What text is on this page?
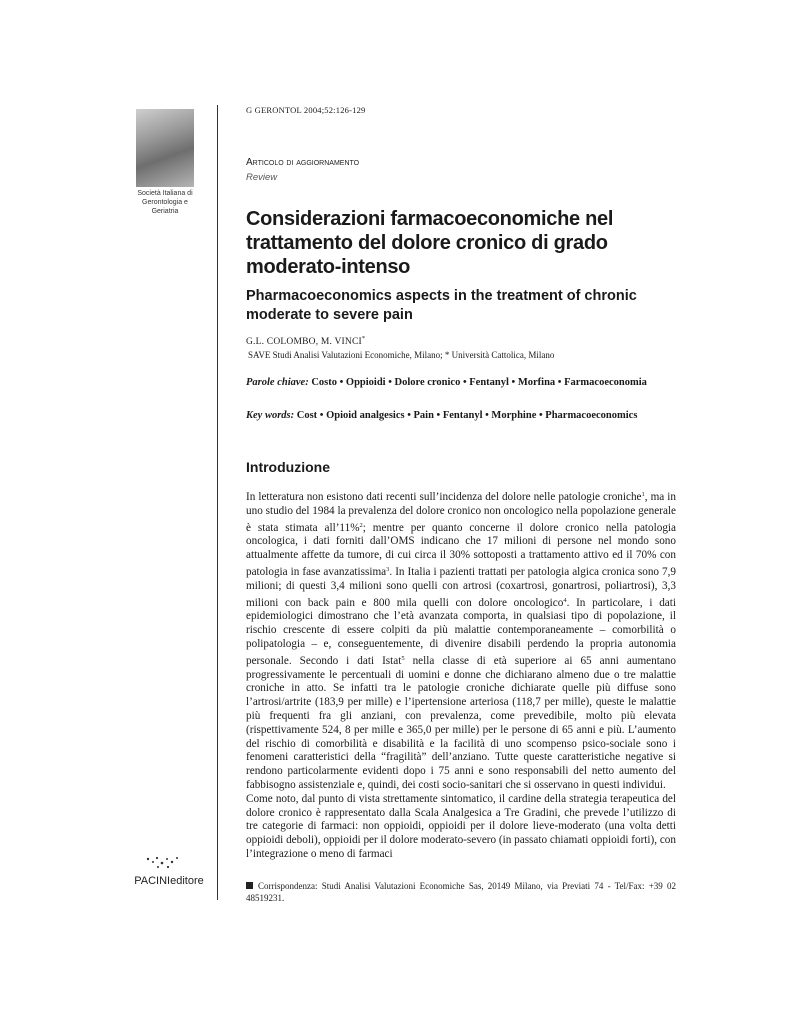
Società Italiana di Gerontologia e Geriatria
PACINIeditore
G GERONTOL 2004;52:126-129
Articolo di aggiornamento
Review
Considerazioni farmacoeconomiche nel trattamento del dolore cronico di grado moderato-intenso
Pharmacoeconomics aspects in the treatment of chronic moderate to severe pain
G.L. COLOMBO, M. VINCI*
SAVE Studi Analisi Valutazioni Economiche, Milano; * Università Cattolica, Milano
Parole chiave: Costo • Oppioidi • Dolore cronico • Fentanyl • Morfina • Farmacoeconomia
Key words: Cost • Opioid analgesics • Pain • Fentanyl • Morphine • Pharmacoeconomics
Introduzione

In letteratura non esistono dati recenti sull’incidenza del dolore nelle patologie croniche$^1$, ma in uno studio del 1984 la prevalenza del dolore cronico non oncologico nella popolazione generale è stata stimata all’11%$^2$; mentre per quanto concerne il dolore cronico nella patologia oncologica, i dati forniti dall’OMS indicano che 17 milioni di persone nel mondo sono attualmente affette da tumore, di cui circa il 30% sottoposti a trattamento attivo ed il 70% con patologia in fase avanzatissima$^3$. In Italia i pazienti trattati per patologia algica cronica sono 7,9 milioni; di questi 3,4 milioni sono quelli con artrosi (coxartrosi, gonartrosi, poliartrosi), 3,3 milioni con back pain e 800 mila quelli con dolore oncologico$^4$. In particolare, i dati epidemiologici dimostrano che l’età avanzata comporta, in qualsiasi tipo di popolazione, il rischio crescente di essere colpiti da più malattie contemporaneamente – comorbilità o polipatologia – e, conseguentemente, di divenire disabili perdendo la propria autonomia personale. Secondo i dati Istat$^5$ nella classe di età superiore ai 65 anni aumentano progressivamente le percentuali di uomini e donne che dichiarano almeno due o tre malattie croniche in atto. Se infatti tra le patologie croniche dichiarate quelle più diffuse sono l’artrosi/artrite (183,9 per mille) e l’ipertensione arteriosa (118,7 per mille), queste le malattie più frequenti fra gli anziani, con prevalenza, come prevedibile, molto più elevata (rispettivamente 524, 8 per mille e 365,0 per mille) per le persone di 65 anni e più. L’aumento del rischio di comorbilità e disabilità e la facilità di uno scompenso psico-sociale sono i fenomeni caratteristici della “fragilità” dell’anziano. Tutte queste caratteristiche negative si rendono particolarmente evidenti dopo i 75 anni e sono responsabili del netto aumento del fabbisogno assistenziale e, quindi, dei costi socio-sanitari che si osservano in questi individui.

Come noto, dal punto di vista strettamente sintomatico, il cardine della strategia terapeutica del dolore cronico è rappresentato dalla Scala Analgesica a Tre Gradini, che prevede l’utilizzo di tre categorie di farmaci: non oppioidi, oppioidi per il dolore lieve-moderato (una volta detti oppioidi deboli), oppioidi per il dolore moderato-severo (in passato chiamati oppioidi forti), con l’integrazione o meno di farmaci

Corrispondenza: Studi Analisi Valutazioni Economiche Sas, 20149 Milano, via Previati 74 - Tel/Fax: +39 02 48519231.
